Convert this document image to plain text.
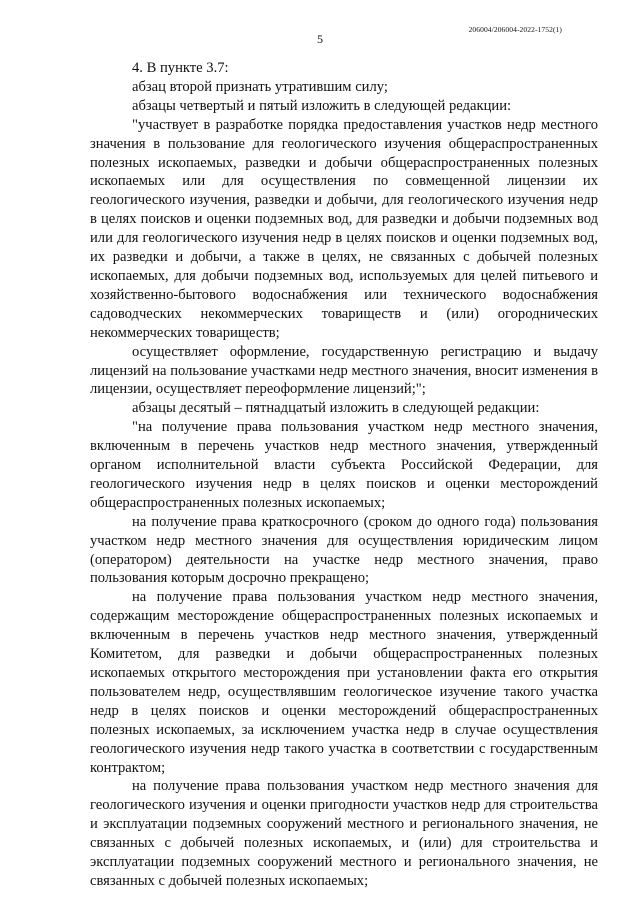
5
206004/206004-2022-1752(1)

4. В пункте 3.7:

абзац второй признать утратившим силу;

абзацы четвертый и пятый изложить в следующей редакции:

"участвует в разработке порядка предоставления участков недр местного значения в пользование для геологического изучения общераспространенных полезных ископаемых, разведки и добычи общераспространенных полезных ископаемых или для осуществления по совмещенной лицензии их геологического изучения, разведки и добычи, для геологического изучения недр в целях поисков и оценки подземных вод, для разведки и добычи подземных вод или для геологического изучения недр в целях поисков и оценки подземных вод, их разведки и добычи, а также в целях, не связанных с добычей полезных ископаемых, для добычи подземных вод, используемых для целей питьевого и хозяйственно-бытового водоснабжения или технического водоснабжения садоводческих некоммерческих товариществ и (или) огороднических некоммерческих товариществ;

осуществляет оформление, государственную регистрацию и выдачу лицензий на пользование участками недр местного значения, вносит изменения в лицензии, осуществляет переоформление лицензий;";

абзацы десятый – пятнадцатый изложить в следующей редакции:

"на получение права пользования участком недр местного значения, включенным в перечень участков недр местного значения, утвержденный органом исполнительной власти субъекта Российской Федерации, для геологического изучения недр в целях поисков и оценки месторождений общераспространенных полезных ископаемых;

на получение права краткосрочного (сроком до одного года) пользования участком недр местного значения для осуществления юридическим лицом (оператором) деятельности на участке недр местного значения, право пользования которым досрочно прекращено;

на получение права пользования участком недр местного значения, содержащим месторождение общераспространенных полезных ископаемых и включенным в перечень участков недр местного значения, утвержденный Комитетом, для разведки и добычи общераспространенных полезных ископаемых открытого месторождения при установлении факта его открытия пользователем недр, осуществлявшим геологическое изучение такого участка недр в целях поисков и оценки месторождений общераспространенных полезных ископаемых, за исключением участка недр в случае осуществления геологического изучения недр такого участка в соответствии с государственным контрактом;

на получение права пользования участком недр местного значения для геологического изучения и оценки пригодности участков недр для строительства и эксплуатации подземных сооружений местного и регионального значения, не связанных с добычей полезных ископаемых, и (или) для строительства и эксплуатации подземных сооружений местного и регионального значения, не связанных с добычей полезных ископаемых;
